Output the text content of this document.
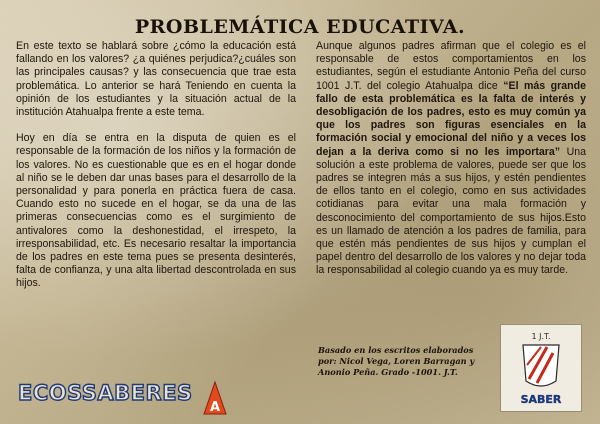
PROBLEMÁTICA EDUCATIVA.

En este texto se hablará sobre ¿cómo la educación está fallando en los valores? ¿a quiénes perjudica?¿cuáles son las principales causas? y las consecuencia que trae esta problemática. Lo anterior se hará Teniendo en cuenta la opinión de los estudiantes y la situación actual de la institución Atahualpa frente a este tema.

Hoy en día se entra en la disputa de quien es el responsable de la formación de los niños y la formación de los valores. No es cuestionable que es en el hogar donde al niño se le deben dar unas bases para el desarrollo de la personalidad y para ponerla en práctica fuera de casa. Cuando esto no sucede en el hogar, se da una de las primeras consecuencias como es el surgimiento de antivalores como la deshonestidad, el irrespeto, la irresponsabilidad, etc. Es necesario resaltar la importancia de los padres en este tema pues se presenta desinterés, falta de confianza, y una alta libertad descontrolada en sus hijos.

Aunque algunos padres afirman que el colegio es el responsable de estos comportamientos en los estudiantes, según el estudiante Antonio Peña del curso 1001 J.T. del colegio Atahualpa dice “El más grande fallo de esta problemática es la falta de interés y desobligación de los padres, esto es muy común ya que los padres son figuras esenciales en la formación social y emocional del niño y a veces los dejan a la deriva como si no les importara” Una solución a este problema de valores, puede ser que los padres se integren más a sus hijos, y estén pendientes de ellos tanto en el colegio, como en sus actividades cotidianas para evitar una mala formación y desconocimiento del comportamiento de sus hijos.Esto es un llamado de atención a los padres de familia, para que estén más pendientes de sus hijos y cumplan el papel dentro del desarrollo de los valores y no dejar toda la responsabilidad al colegio cuando ya es muy tarde.

Basado en los escritos elaborados
por: Nicol Vega, Loren Barragan y
Anonio Peña. Grado -1001. J.T.
ECOSSABERES
A
1 J.T.
SABER
